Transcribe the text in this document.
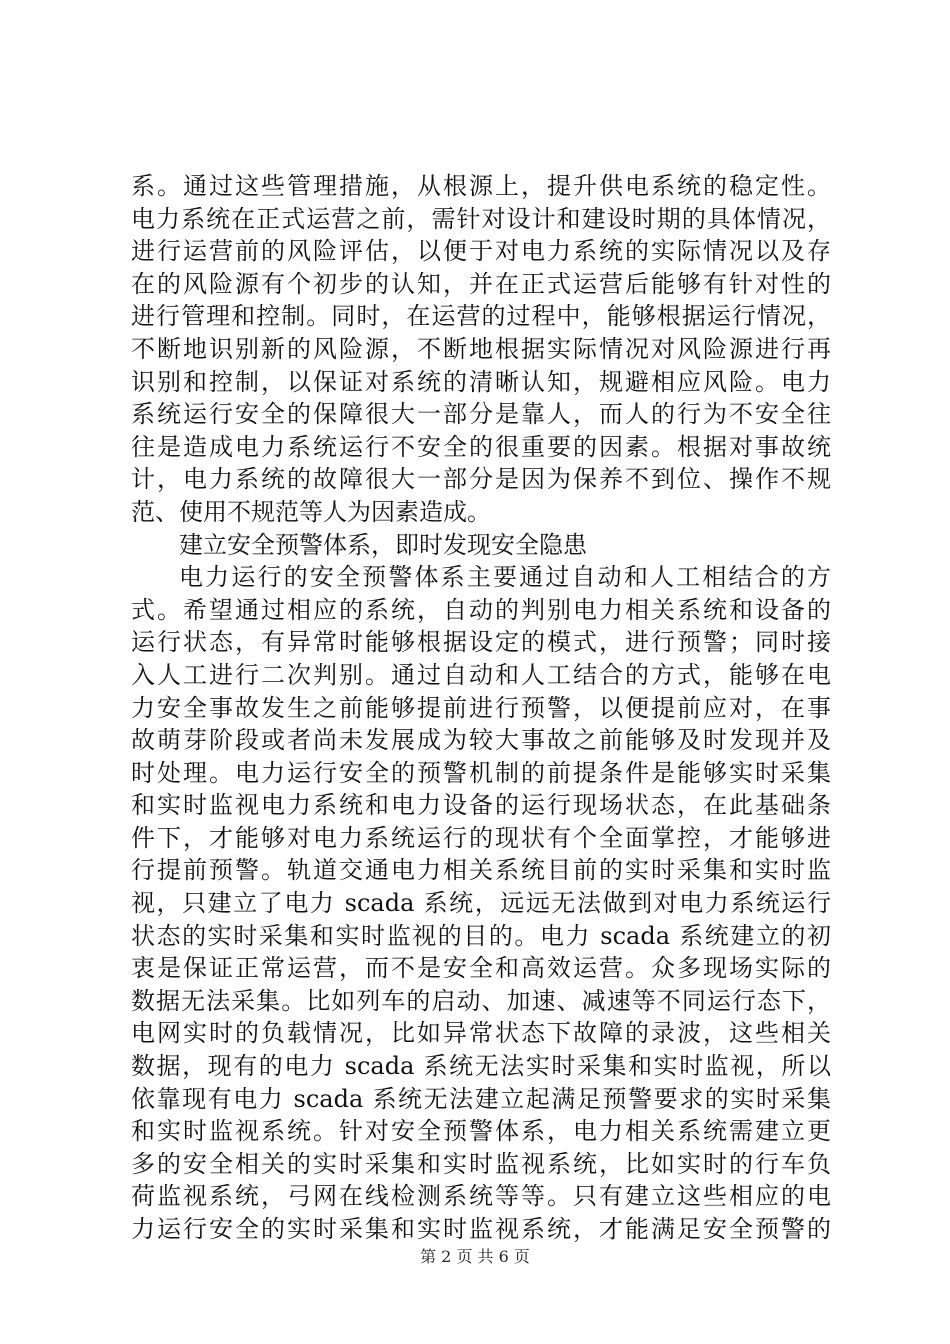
系。通过这些管理措施，从根源上，提升供电系统的稳定性。
电力系统在正式运营之前，需针对设计和建设时期的具体情况，
进行运营前的风险评估，以便于对电力系统的实际情况以及存
在的风险源有个初步的认知，并在正式运营后能够有针对性的
进行管理和控制。同时，在运营的过程中，能够根据运行情况，
不断地识别新的风险源，不断地根据实际情况对风险源进行再
识别和控制，以保证对系统的清晰认知，规避相应风险。电力
系统运行安全的保障很大一部分是靠人，而人的行为不安全往
往是造成电力系统运行不安全的很重要的因素。根据对事故统
计，电力系统的故障很大一部分是因为保养不到位、操作不规
范、使用不规范等人为因素造成。
建立安全预警体系，即时发现安全隐患
电力运行的安全预警体系主要通过自动和人工相结合的方
式。希望通过相应的系统，自动的判别电力相关系统和设备的
运行状态，有异常时能够根据设定的模式，进行预警；同时接
入人工进行二次判别。通过自动和人工结合的方式，能够在电
力安全事故发生之前能够提前进行预警，以便提前应对，在事
故萌芽阶段或者尚未发展成为较大事故之前能够及时发现并及
时处理。电力运行安全的预警机制的前提条件是能够实时采集
和实时监视电力系统和电力设备的运行现场状态，在此基础条
件下，才能够对电力系统运行的现状有个全面掌控，才能够进
行提前预警。轨道交通电力相关系统目前的实时采集和实时监
视，只建立了电力 scada 系统，远远无法做到对电力系统运行
状态的实时采集和实时监视的目的。电力 scada 系统建立的初
衷是保证正常运营，而不是安全和高效运营。众多现场实际的
数据无法采集。比如列车的启动、加速、减速等不同运行态下，
电网实时的负载情况，比如异常状态下故障的录波，这些相关
数据，现有的电力 scada 系统无法实时采集和实时监视，所以
依靠现有电力 scada 系统无法建立起满足预警要求的实时采集
和实时监视系统。针对安全预警体系，电力相关系统需建立更
多的安全相关的实时采集和实时监视系统，比如实时的行车负
荷监视系统，弓网在线检测系统等等。只有建立这些相应的电
力运行安全的实时采集和实时监视系统，才能满足安全预警的
第 2 页 共 6 页
